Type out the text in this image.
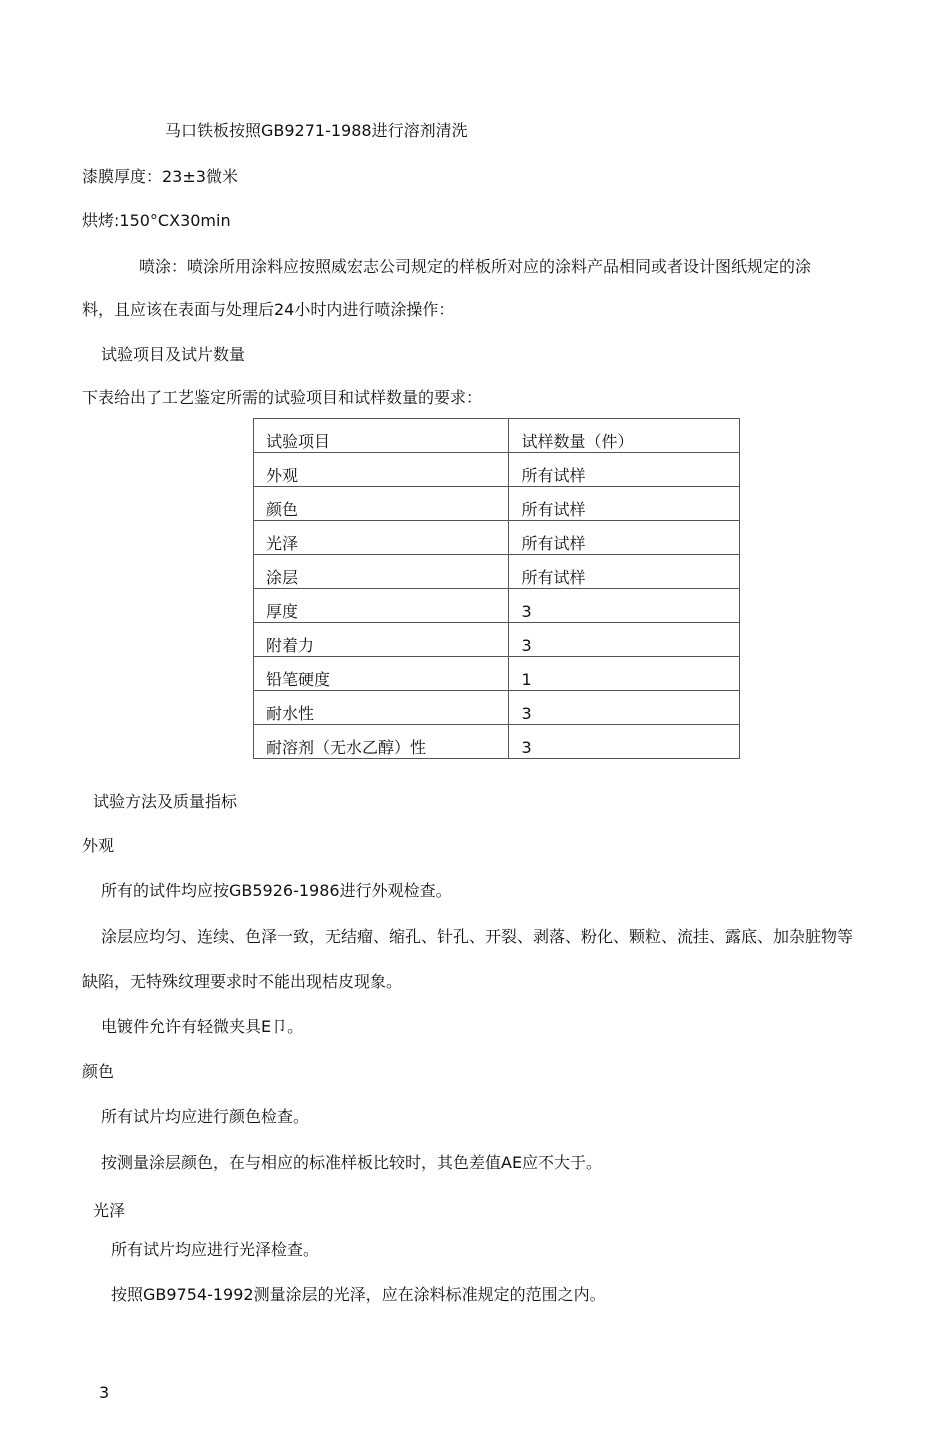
马口铁板按照GB9271-1988进行溶剂清洗
漆膜厚度：23±3微米
烘烤:150°CX30min
喷涂：喷涂所用涂料应按照威宏志公司规定的样板所对应的涂料产品相同或者设计图纸规定的涂
料，且应该在表面与处理后24小时内进行喷涂操作：
试验项目及试片数量
下表给出了工艺鉴定所需的试验项目和试样数量的要求：
试验项目	试样数量（件）
外观	所有试样
颜色	所有试样
光泽	所有试样
涂层	所有试样
厚度	3
附着力	3
铅笔硬度	1
耐水性	3
耐溶剂（无水乙醇）性	3
试验方法及质量指标
外观
所有的试件均应按GB5926-1986进行外观检查。
涂层应均匀、连续、色泽一致，无结瘤、缩孔、针孔、开裂、剥落、粉化、颗粒、流挂、露底、加杂脏物等
缺陷，无特殊纹理要求时不能出现桔皮现象。
电镀件允许有轻微夹具E卩。
颜色
所有试片均应进行颜色检查。
按测量涂层颜色，在与相应的标准样板比较时，其色差值AE应不大于。
光泽
所有试片均应进行光泽检查。
按照GB9754-1992测量涂层的光泽，应在涂料标准规定的范围之内。
3
